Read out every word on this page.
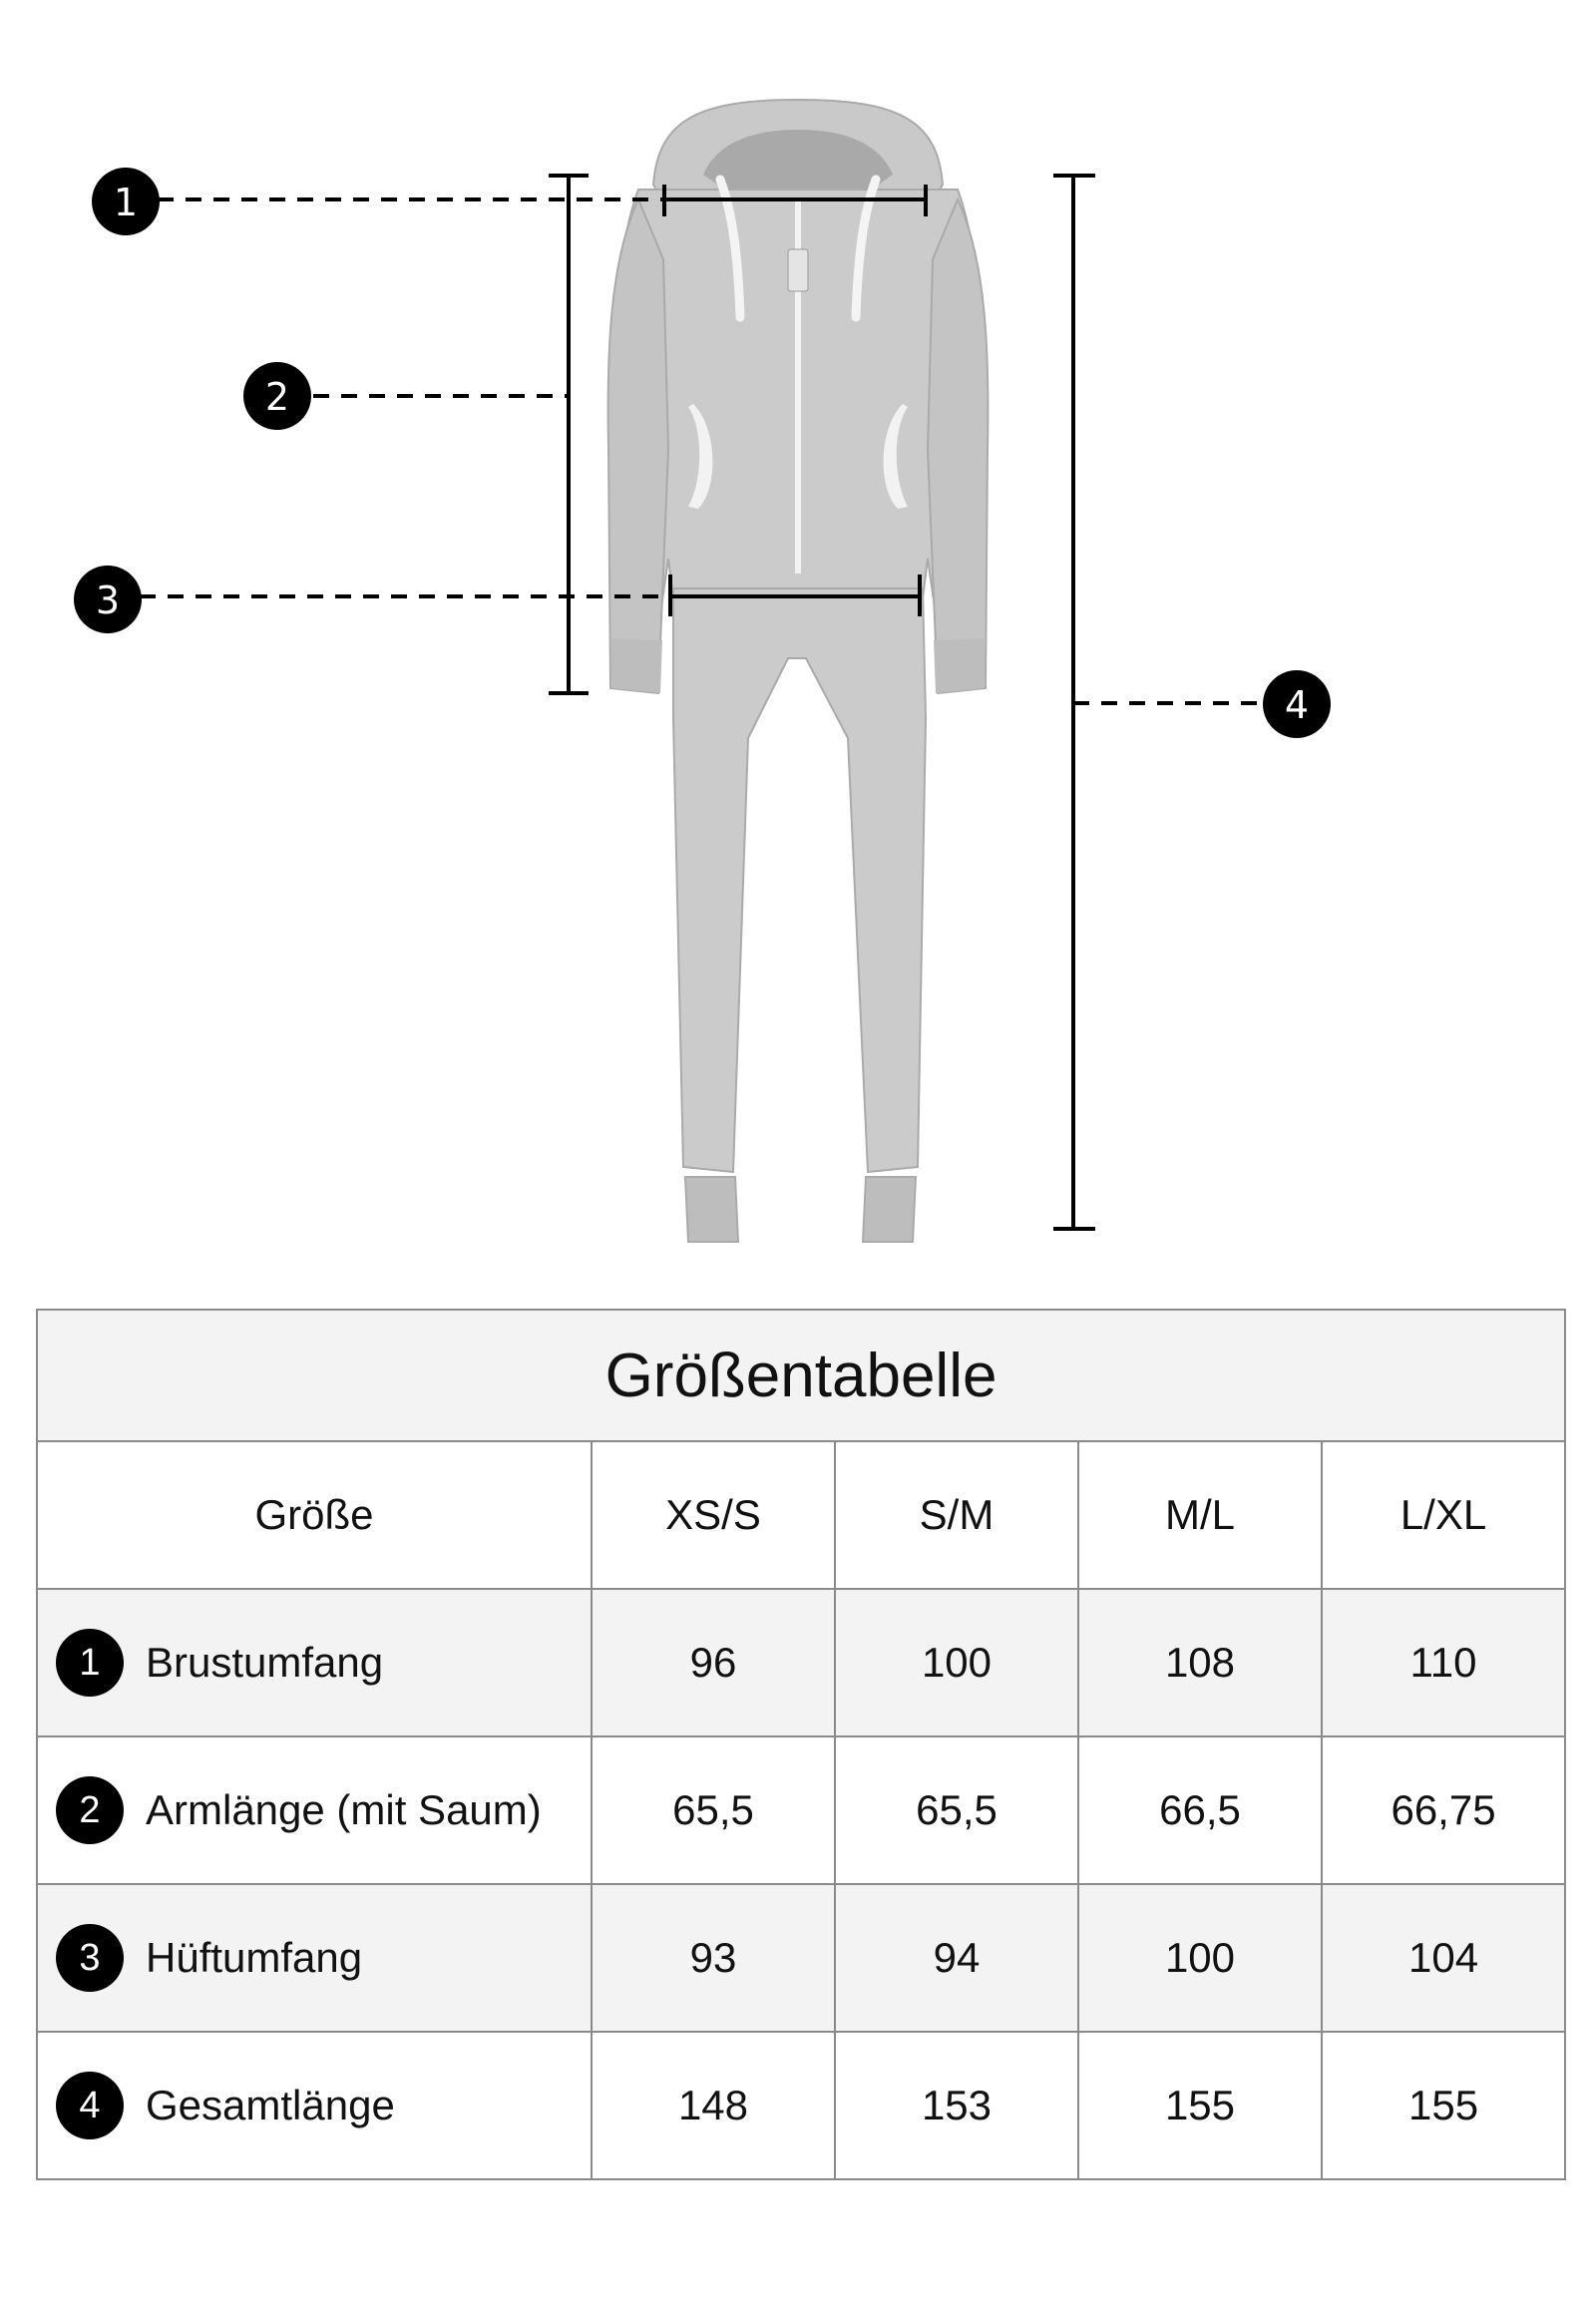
1
2
3
4
Größentabelle				
Größe	XS/S	S/M	M/L	L/XL
1 Brustumfang	96	100	108	110
2 Armlänge (mit Saum)	65,5	65,5	66,5	66,75
3 Hüftumfang	93	94	100	104
4 Gesamtlänge	148	153	155	155
